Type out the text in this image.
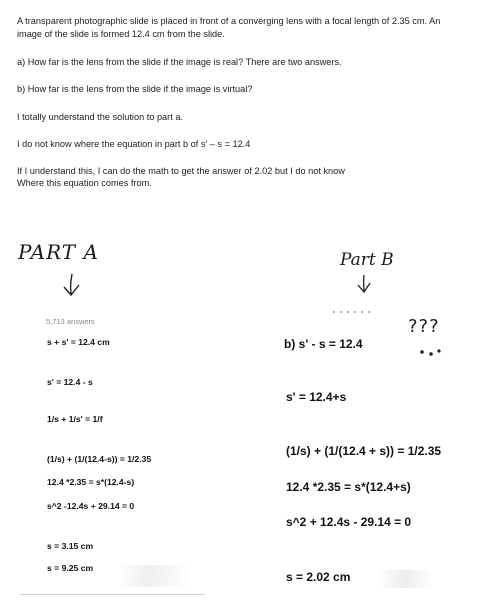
A transparent photographic slide is placed in front of a converging lens with a focal length of 2.35 cm. An

image of the slide is formed 12.4 cm from the slide.

a) How far is the lens from the slide if the image is real? There are two answers.

b) How far is the lens from the slide if the image is virtual?

I totally understand the solution to part a.

I do not know where the equation in part b of s' – s = 12.4

If I understand this, I can do the math to get the answer of 2.02 but I do not know

Where this equation comes from.

PART A	Part B

5,713 answers

s + s' = 12.4 cm

s' = 12.4 - s

1/s + 1/s' = 1/f

(1/s) + (1/(12.4-s)) = 1/2.35

12.4 *2.35 = s*(12.4-s)

s^2 -12.4s + 29.14 = 0

s = 3.15 cm

s = 9.25 cm

b) s' - s = 12.4

???

s' = 12.4+s

(1/s) + (1/(12.4 + s)) = 1/2.35

12.4 *2.35 = s*(12.4+s)

s^2 + 12.4s - 29.14 = 0

s = 2.02 cm
